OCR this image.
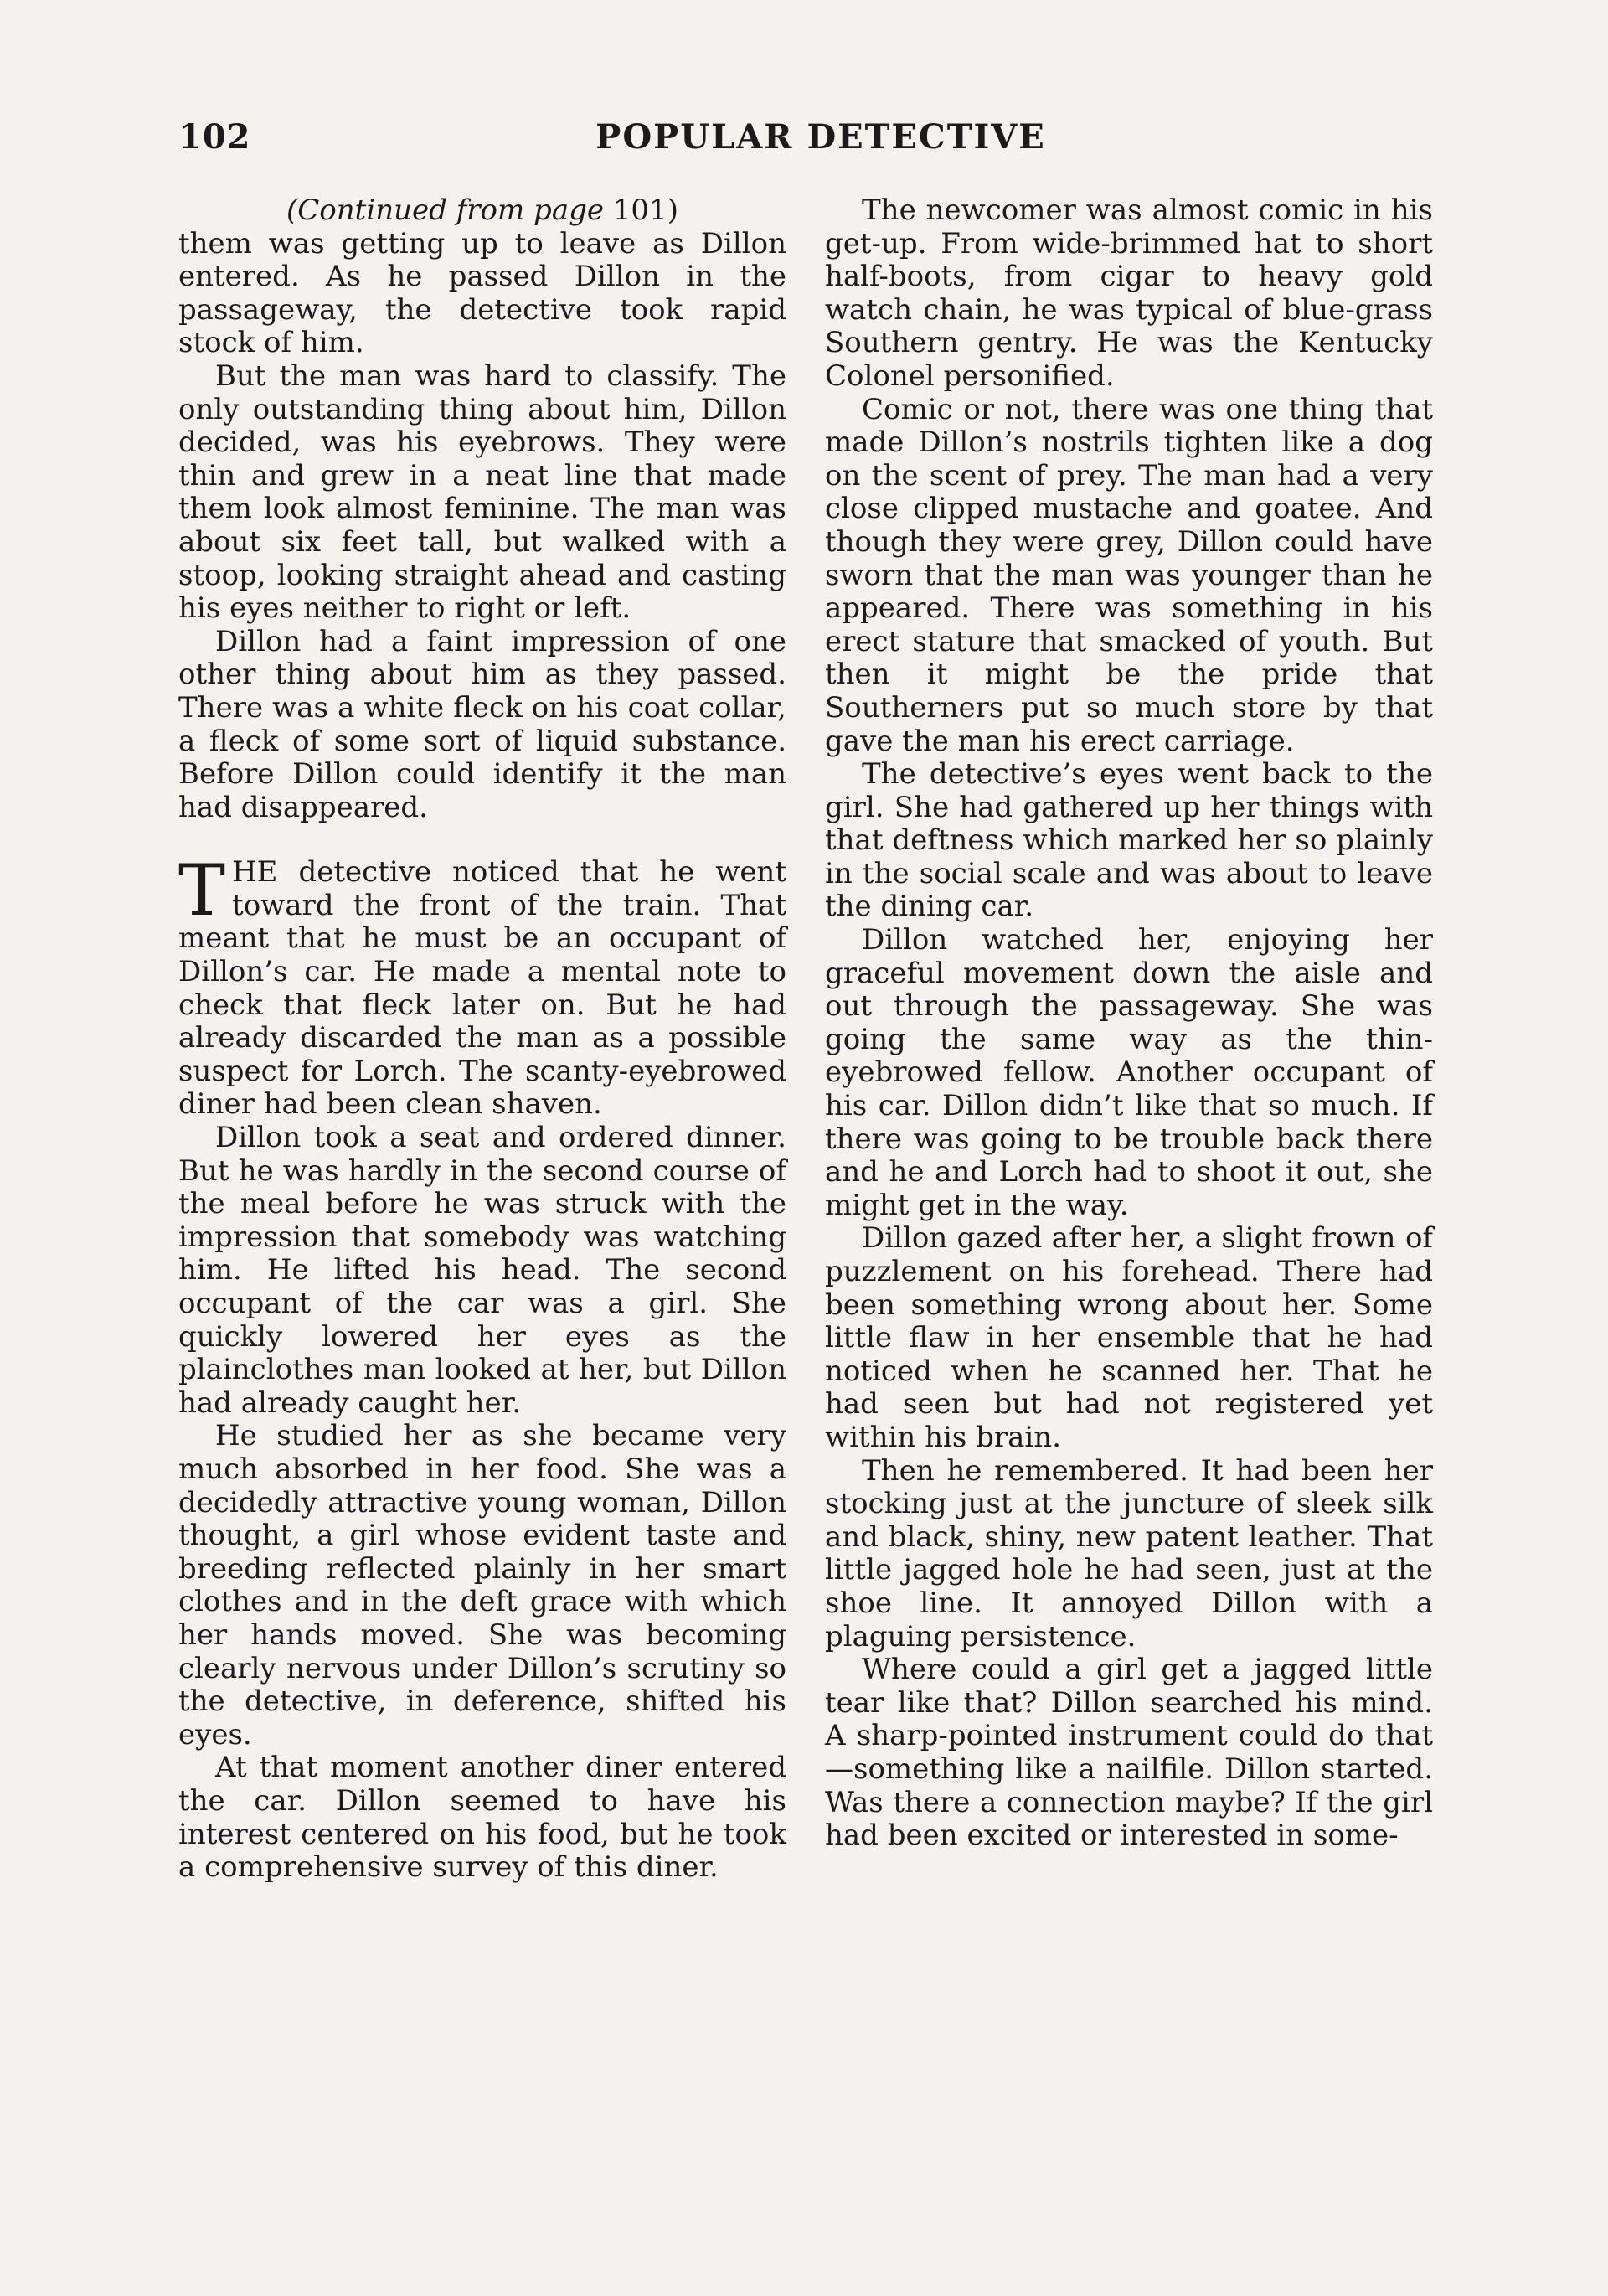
102	POPULAR DETECTIVE

(Continued from page 101)

them was getting up to leave as Dillon entered. As he passed Dillon in the passageway, the detective took rapid stock of him.

But the man was hard to classify. The only outstanding thing about him, Dillon decided, was his eyebrows. They were thin and grew in a neat line that made them look almost feminine. The man was about six feet tall, but walked with a stoop, looking straight ahead and casting his eyes neither to right or left.

Dillon had a faint impression of one other thing about him as they passed. There was a white fleck on his coat collar, a fleck of some sort of liquid substance. Before Dillon could identify it the man had disappeared.

THE detective noticed that he went toward the front of the train. That meant that he must be an occupant of Dillon’s car. He made a mental note to check that fleck later on. But he had already discarded the man as a possible suspect for Lorch. The scanty-eyebrowed diner had been clean shaven.

Dillon took a seat and ordered dinner. But he was hardly in the second course of the meal before he was struck with the impression that somebody was watching him. He lifted his head. The second occupant of the car was a girl. She quickly lowered her eyes as the plainclothes man looked at her, but Dillon had already caught her.

He studied her as she became very much absorbed in her food. She was a decidedly attractive young woman, Dillon thought, a girl whose evident taste and breeding reflected plainly in her smart clothes and in the deft grace with which her hands moved. She was becoming clearly nervous under Dillon’s scrutiny so the detective, in deference, shifted his eyes.

At that moment another diner entered the car. Dillon seemed to have his interest centered on his food, but he took a comprehensive survey of this diner.

The newcomer was almost comic in his get-up. From wide-brimmed hat to short half-boots, from cigar to heavy gold watch chain, he was typical of blue-grass Southern gentry. He was the Kentucky Colonel personified.

Comic or not, there was one thing that made Dillon’s nostrils tighten like a dog on the scent of prey. The man had a very close clipped mustache and goatee. And though they were grey, Dillon could have sworn that the man was younger than he appeared. There was something in his erect stature that smacked of youth. But then it might be the pride that Southerners put so much store by that gave the man his erect carriage.

The detective’s eyes went back to the girl. She had gathered up her things with that deftness which marked her so plainly in the social scale and was about to leave the dining car.

Dillon watched her, enjoying her graceful movement down the aisle and out through the passageway. She was going the same way as the thin-eyebrowed fellow. Another occupant of his car. Dillon didn’t like that so much. If there was going to be trouble back there and he and Lorch had to shoot it out, she might get in the way.

Dillon gazed after her, a slight frown of puzzlement on his forehead. There had been something wrong about her. Some little flaw in her ensemble that he had noticed when he scanned her. That he had seen but had not registered yet within his brain.

Then he remembered. It had been her stocking just at the juncture of sleek silk and black, shiny, new patent leather. That little jagged hole he had seen, just at the shoe line. It annoyed Dillon with a plaguing persistence.

Where could a girl get a jagged little tear like that? Dillon searched his mind. A sharp-pointed instrument could do that—something like a nailfile. Dillon started. Was there a connection maybe? If the girl had been excited or interested in some-
